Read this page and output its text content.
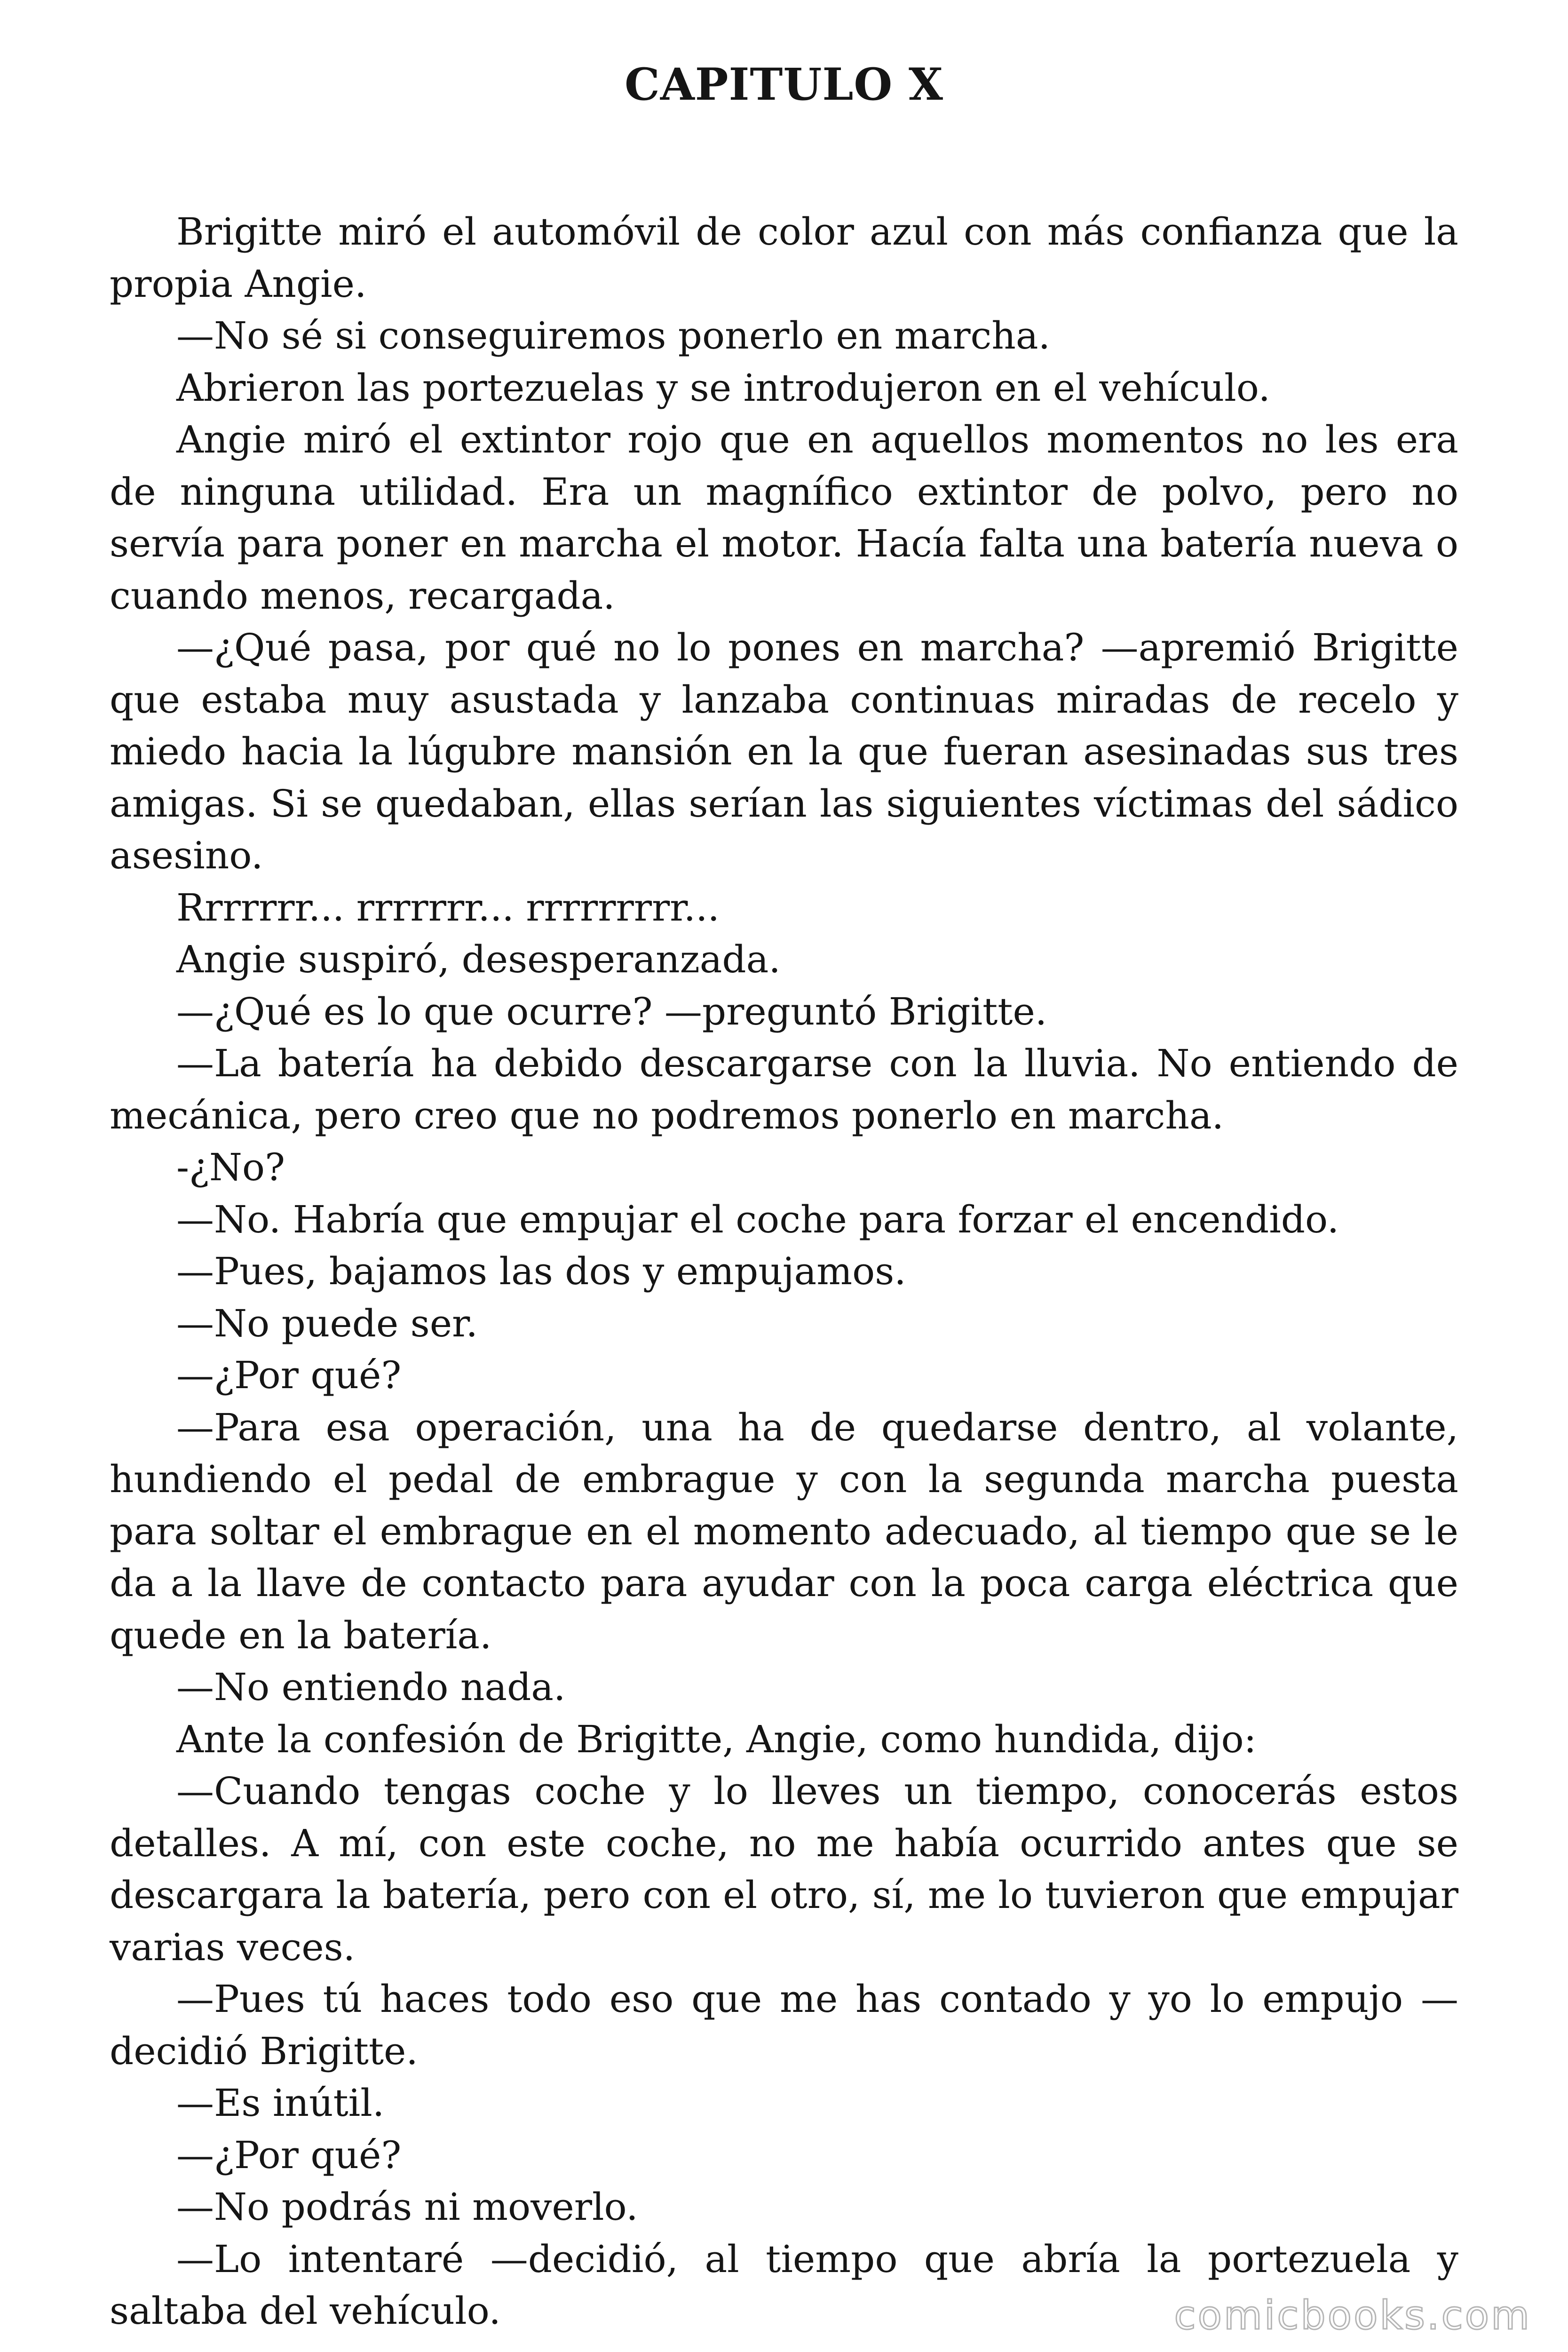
CAPITULO X

Brigitte miró el automóvil de color azul con más confianza que la propia Angie.

—No sé si conseguiremos ponerlo en marcha.

Abrieron las portezuelas y se introdujeron en el vehículo.

Angie miró el extintor rojo que en aquellos momentos no les era de ninguna utilidad. Era un magnífico extintor de polvo, pero no servía para poner en marcha el motor. Hacía falta una batería nueva o cuando menos, recargada.

—¿Qué pasa, por qué no lo pones en marcha? —apremió Brigitte que estaba muy asustada y lanzaba continuas miradas de recelo y miedo hacia la lúgubre mansión en la que fueran asesinadas sus tres amigas. Si se quedaban, ellas serían las siguientes víctimas del sádico asesino.

Rrrrrrr... rrrrrrr... rrrrrrrrr...

Angie suspiró, desesperanzada.

—¿Qué es lo que ocurre? —preguntó Brigitte.

—La batería ha debido descargarse con la lluvia. No entiendo de mecánica, pero creo que no podremos ponerlo en marcha.

-¿No?

—No. Habría que empujar el coche para forzar el encendido.

—Pues, bajamos las dos y empujamos.

—No puede ser.

—¿Por qué?

—Para esa operación, una ha de quedarse dentro, al volante, hundiendo el pedal de embrague y con la segunda marcha puesta para soltar el embrague en el momento adecuado, al tiempo que se le da a la llave de contacto para ayudar con la poca carga eléctrica que quede en la batería.

—No entiendo nada.

Ante la confesión de Brigitte, Angie, como hundida, dijo:

—Cuando tengas coche y lo lleves un tiempo, conocerás estos detalles. A mí, con este coche, no me había ocurrido antes que se descargara la batería, pero con el otro, sí, me lo tuvieron que empujar varias veces.

—Pues tú haces todo eso que me has contado y yo lo empujo — decidió Brigitte.

—Es inútil.

—¿Por qué?

—No podrás ni moverlo.

—Lo intentaré —decidió, al tiempo que abría la portezuela y saltaba del vehículo.	comicbooks.com
